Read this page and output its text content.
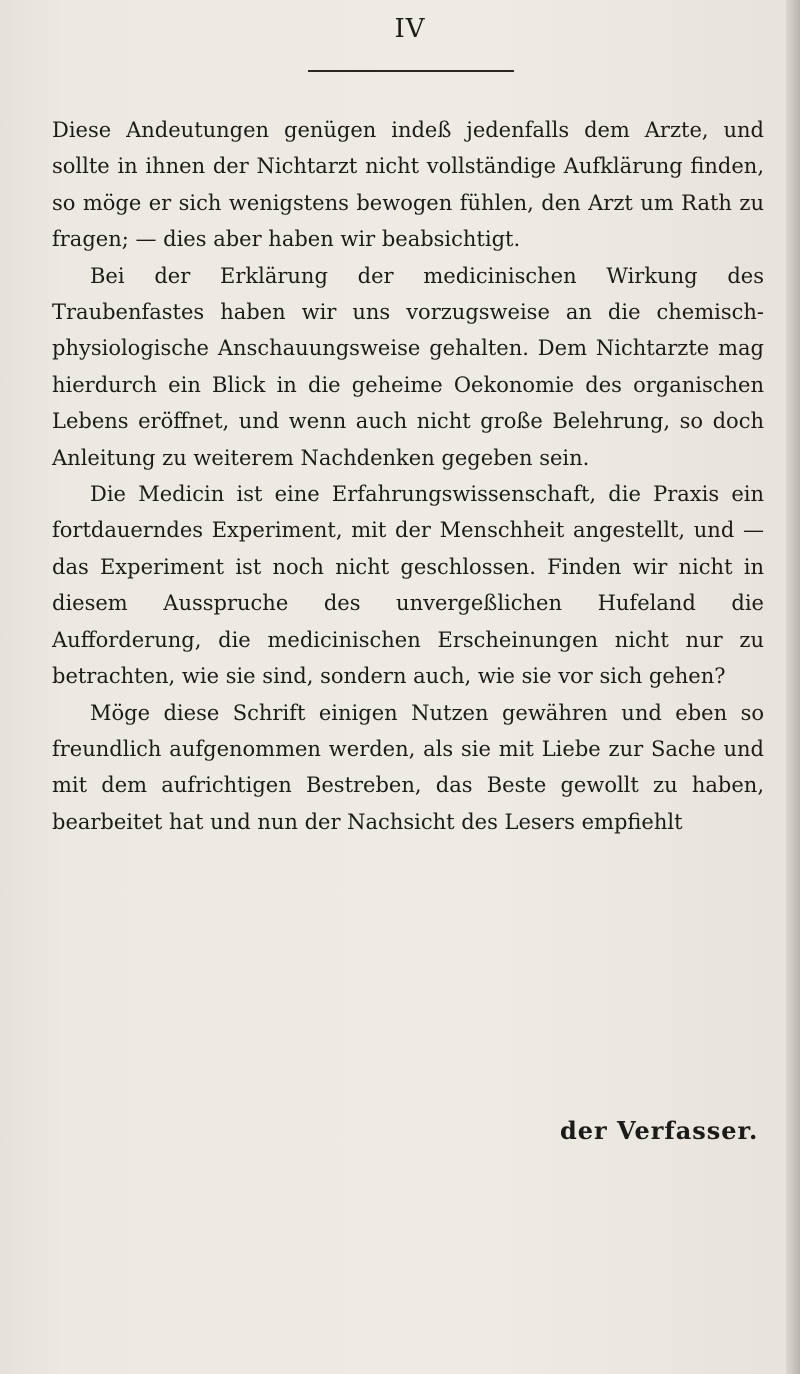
IV

Diese Andeutungen genügen indeß jedenfalls dem Arzte, und sollte in ihnen der Nichtarzt nicht vollständige Aufklärung finden, so möge er sich wenigstens bewogen fühlen, den Arzt um Rath zu fragen; — dies aber haben wir beabsichtigt.

Bei der Erklärung der medicinischen Wirkung des Traubenfastes haben wir uns vorzugsweise an die chemisch-physiologische Anschauungsweise gehalten. Dem Nichtarzte mag hierdurch ein Blick in die geheime Oekonomie des organischen Lebens eröffnet, und wenn auch nicht große Belehrung, so doch Anleitung zu weiterem Nachdenken gegeben sein.

Die Medicin ist eine Erfahrungswissenschaft, die Praxis ein fortdauerndes Experiment, mit der Menschheit angestellt, und — das Experiment ist noch nicht geschlossen. Finden wir nicht in diesem Ausspruche des unvergeßlichen Hufeland die Aufforderung, die medicinischen Erscheinungen nicht nur zu betrachten, wie sie sind, sondern auch, wie sie vor sich gehen?

Möge diese Schrift einigen Nutzen gewähren und eben so freundlich aufgenommen werden, als sie mit Liebe zur Sache und mit dem aufrichtigen Bestreben, das Beste gewollt zu haben, bearbeitet hat und nun der Nachsicht des Lesers empfiehlt

der Verfasser.
